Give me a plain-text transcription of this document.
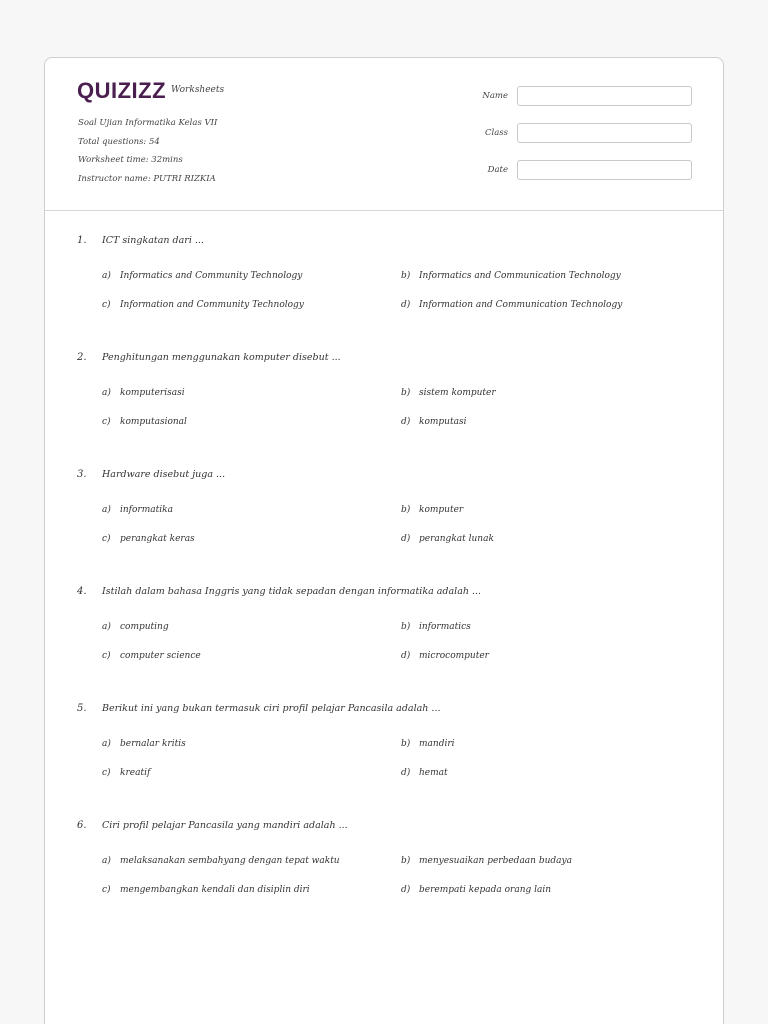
QUIZIZZ Worksheets
Soal Ujian Informatika Kelas VII
Total questions: 54
Worksheet time: 32mins
Instructor name: PUTRI RIZKIA
Name
Class
Date
1.	ICT singkatan dari ...
a) Informatics and Community Technology	b) Informatics and Communication Technology
c) Information and Community Technology	d) Information and Communication Technology
2.	Penghitungan menggunakan komputer disebut ...
a) komputerisasi	b) sistem komputer
c) komputasional	d) komputasi
3.	Hardware disebut juga ...
a) informatika	b) komputer
c) perangkat keras	d) perangkat lunak
4.	Istilah dalam bahasa Inggris yang tidak sepadan dengan informatika adalah ...
a) computing	b) informatics
c) computer science	d) microcomputer
5.	Berikut ini yang bukan termasuk ciri profil pelajar Pancasila adalah ...
a) bernalar kritis	b) mandiri
c) kreatif	d) hemat
6.	Ciri profil pelajar Pancasila yang mandiri adalah ...
a) melaksanakan sembahyang dengan tepat waktu	b) menyesuaikan perbedaan budaya
c) mengembangkan kendali dan disiplin diri	d) berempati kepada orang lain
